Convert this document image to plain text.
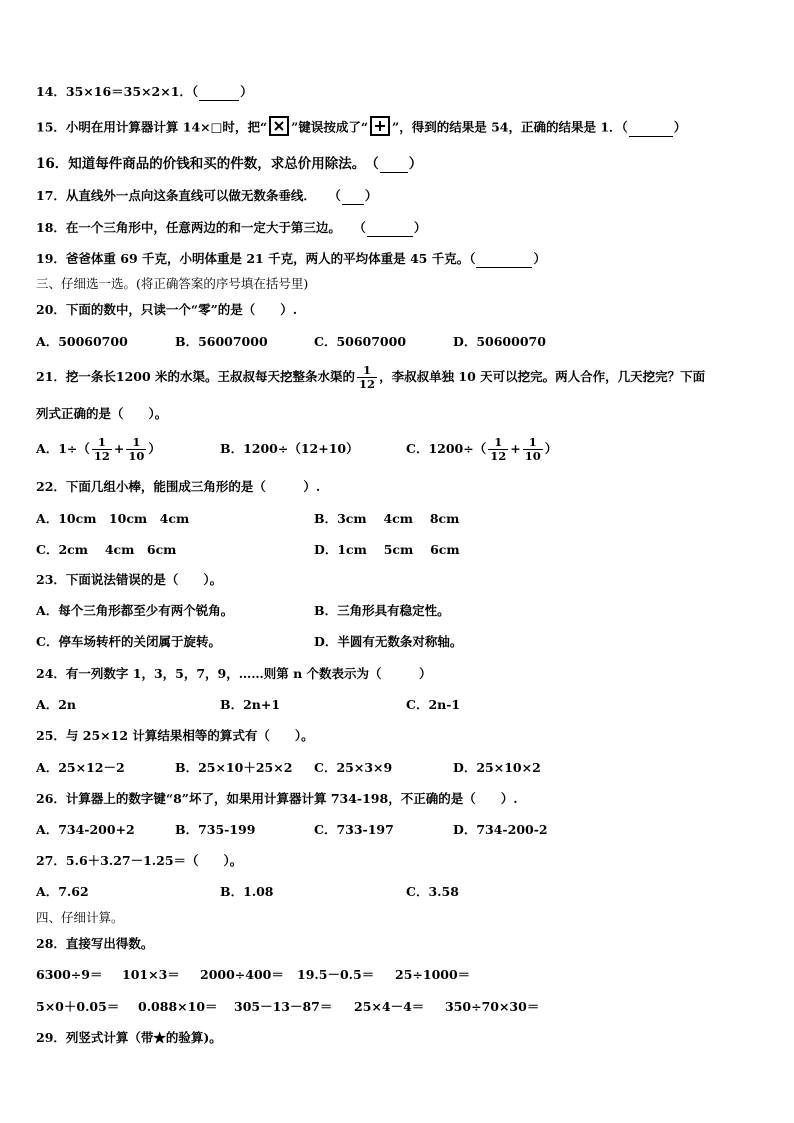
14．35×16＝35×2×1．（	）
15．小明在用计算器计算 14×□时，把“ ”键误按成了“ ”，得到的结果是 54，正确的结果是 1．（	）
16．知道每件商品的价钱和买的件数，求总价用除法。　（ ）
17．从直线外一点向这条直线可以做无数条垂线．　　（ ）
18．在一个三角形中，任意两边的和一定大于第三边。　　（	）
19．爸爸体重 69 千克，小明体重是 21 千克，两人的平均体重是 45 千克。（	）
三、仔细选一选。(将正确答案的序号填在括号里)
20．下面的数中，只读一个“零”的是（　　）.
A．50060700	B．56007000	C．50607000	D．50600070
21．挖一条长1200 米的水渠。王叔叔每天挖整条水渠的 $\frac{1}{12}$ ，李叔叔单独 10 天可以挖完。两人合作，几天挖完？下面
列式正确的是（　　）。
A．$1\div( \frac{1}{12} + \frac{1}{10}$ ）	B．1200÷（12+10）	C．$1200\div( \frac{1}{12} + \frac{1}{10}$ ）
22．下面几组小棒，能围成三角形的是（　　　）.
A．10cm　10cm　4cm	B．3cm　 4cm　 8cm
C．2cm　 4cm　6cm	D．1cm　 5cm　 6cm
23．下面说法错误的是（　　）。
A．每个三角形都至少有两个锐角。	B．三角形具有稳定性。
C．停车场转杆的关闭属于旋转。	D．半圆有无数条对称轴。
24．有一列数字 1，3，5，7，9，……则第 n 个数表示为（　　　）
A．2n	B．2n+1	C．2n-1
25．与 25×12 计算结果相等的算式有（　　）。
A．25×12－2	B．25×10＋25×2 C．25×3×9	D．25×10×2
26．计算器上的数字键“8”坏了，如果用计算器计算 734-198，不正确的是（　　）.
A．734-200+2	B．735-199	C．733-197	D．734-200-2
27．5.6＋3.27－1.25＝（　　）。
A．7.62	B．1.08	C．3.58
四、仔细计算。
28．直接写出得数。
6300÷9＝ 101×3＝ 2000÷400＝ 19.5－0.5＝ 25÷1000＝
5×0＋0.05＝ 0.088×10＝ 305－13－87＝ 25×4－4＝ 350÷70×30＝
29．列竖式计算（带★的验算)。
